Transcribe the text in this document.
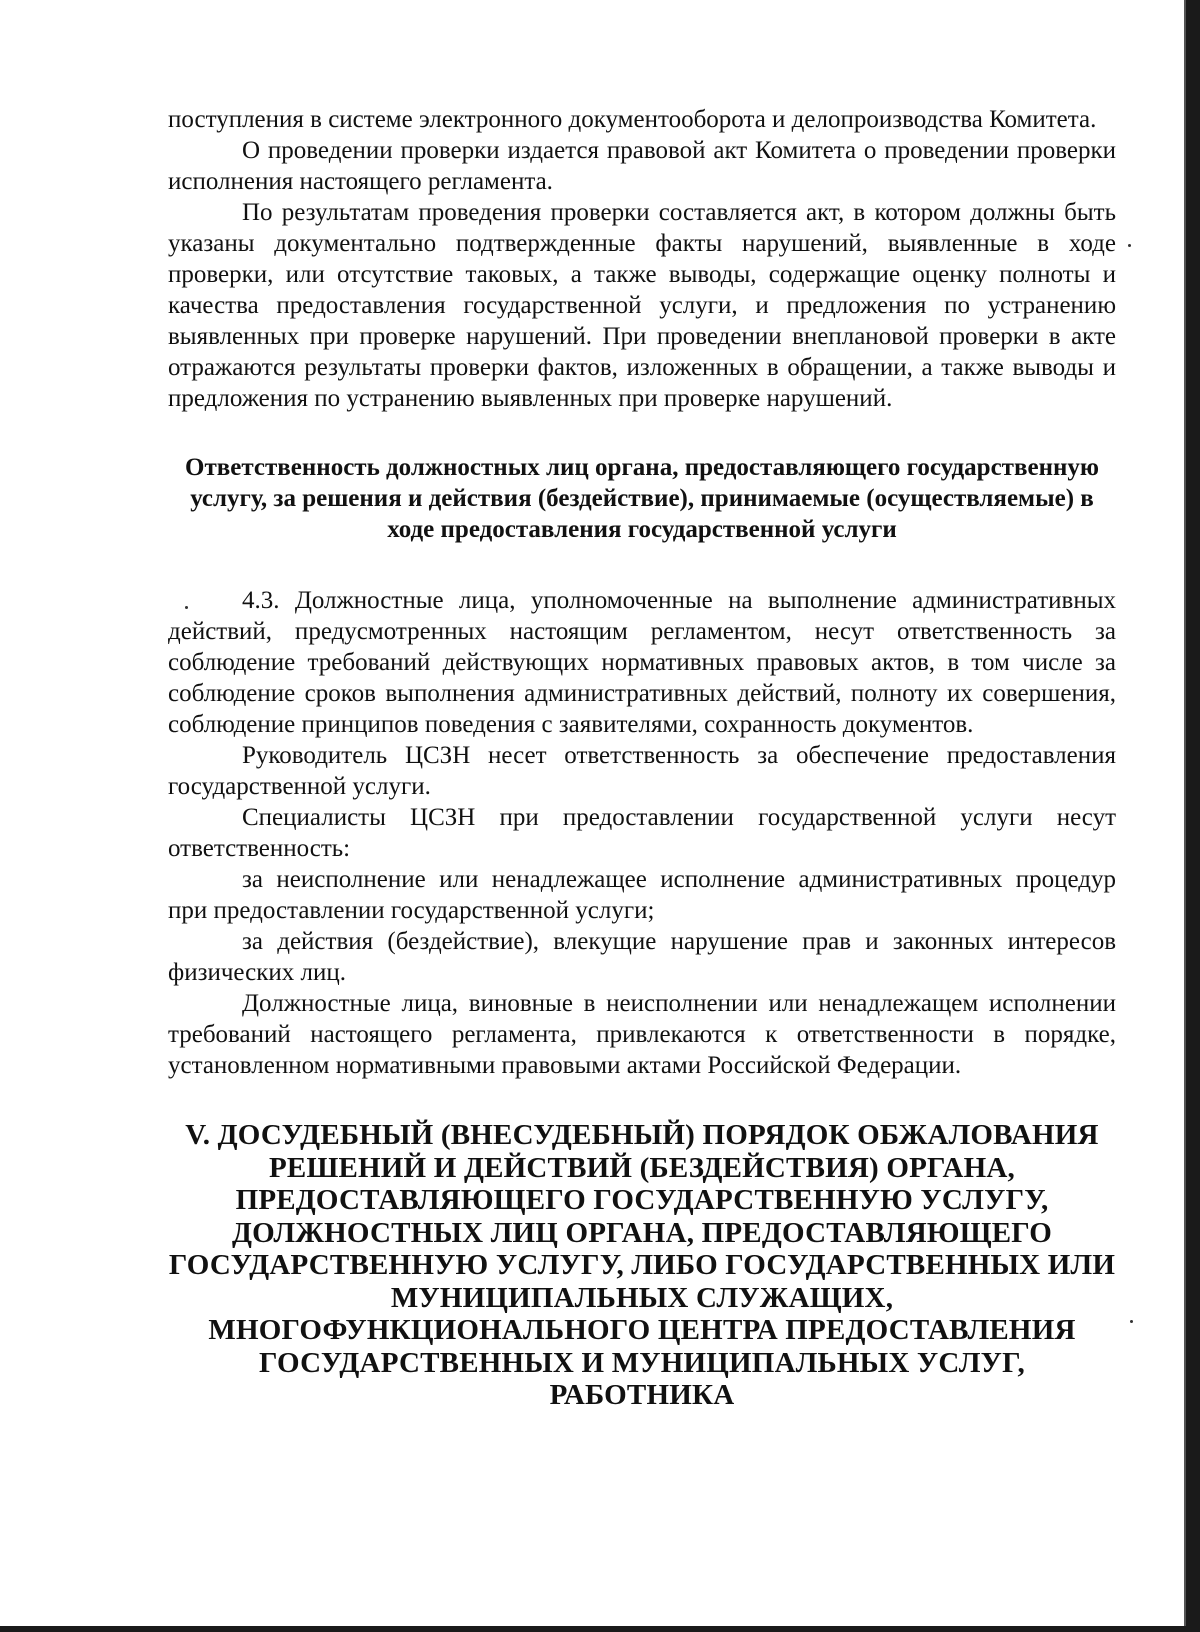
поступления в системе электронного документооборота и делопроизводства Комитета.

О проведении проверки издается правовой акт Комитета о проведении проверки исполнения настоящего регламента.

По результатам проведения проверки составляется акт, в котором должны быть указаны документально подтвержденные факты нарушений, выявленные в ходе проверки, или отсутствие таковых, а также выводы, содержащие оценку полноты и качества предоставления государственной услуги, и предложения по устранению выявленных при проверке нарушений. При проведении внеплановой проверки в акте отражаются результаты проверки фактов, изложенных в обращении, а также выводы и предложения по устранению выявленных при проверке нарушений.

Ответственность должностных лиц органа, предоставляющего государственную услугу, за решения и действия (бездействие), принимаемые (осуществляемые) в ходе предоставления государственной услуги

4.3. Должностные лица, уполномоченные на выполнение административных действий, предусмотренных настоящим регламентом, несут ответственность за соблюдение требований действующих нормативных правовых актов, в том числе за соблюдение сроков выполнения административных действий, полноту их совершения, соблюдение принципов поведения с заявителями, сохранность документов.

Руководитель ЦСЗН несет ответственность за обеспечение предоставления государственной услуги.

Специалисты ЦСЗН при предоставлении государственной услуги несут ответственность:

за неисполнение или ненадлежащее исполнение административных процедур при предоставлении государственной услуги;

за действия (бездействие), влекущие нарушение прав и законных интересов физических лиц.

Должностные лица, виновные в неисполнении или ненадлежащем исполнении требований настоящего регламента, привлекаются к ответственности в порядке, установленном нормативными правовыми актами Российской Федерации.

V. ДОСУДЕБНЫЙ (ВНЕСУДЕБНЫЙ) ПОРЯДОК ОБЖАЛОВАНИЯ РЕШЕНИЙ И ДЕЙСТВИЙ (БЕЗДЕЙСТВИЯ) ОРГАНА, ПРЕДОСТАВЛЯЮЩЕГО ГОСУДАРСТВЕННУЮ УСЛУГУ, ДОЛЖНОСТНЫХ ЛИЦ ОРГАНА, ПРЕДОСТАВЛЯЮЩЕГО ГОСУДАРСТВЕННУЮ УСЛУГУ, ЛИБО ГОСУДАРСТВЕННЫХ ИЛИ МУНИЦИПАЛЬНЫХ СЛУЖАЩИХ, МНОГОФУНКЦИОНАЛЬНОГО ЦЕНТРА ПРЕДОСТАВЛЕНИЯ ГОСУДАРСТВЕННЫХ И МУНИЦИПАЛЬНЫХ УСЛУГ, РАБОТНИКА
